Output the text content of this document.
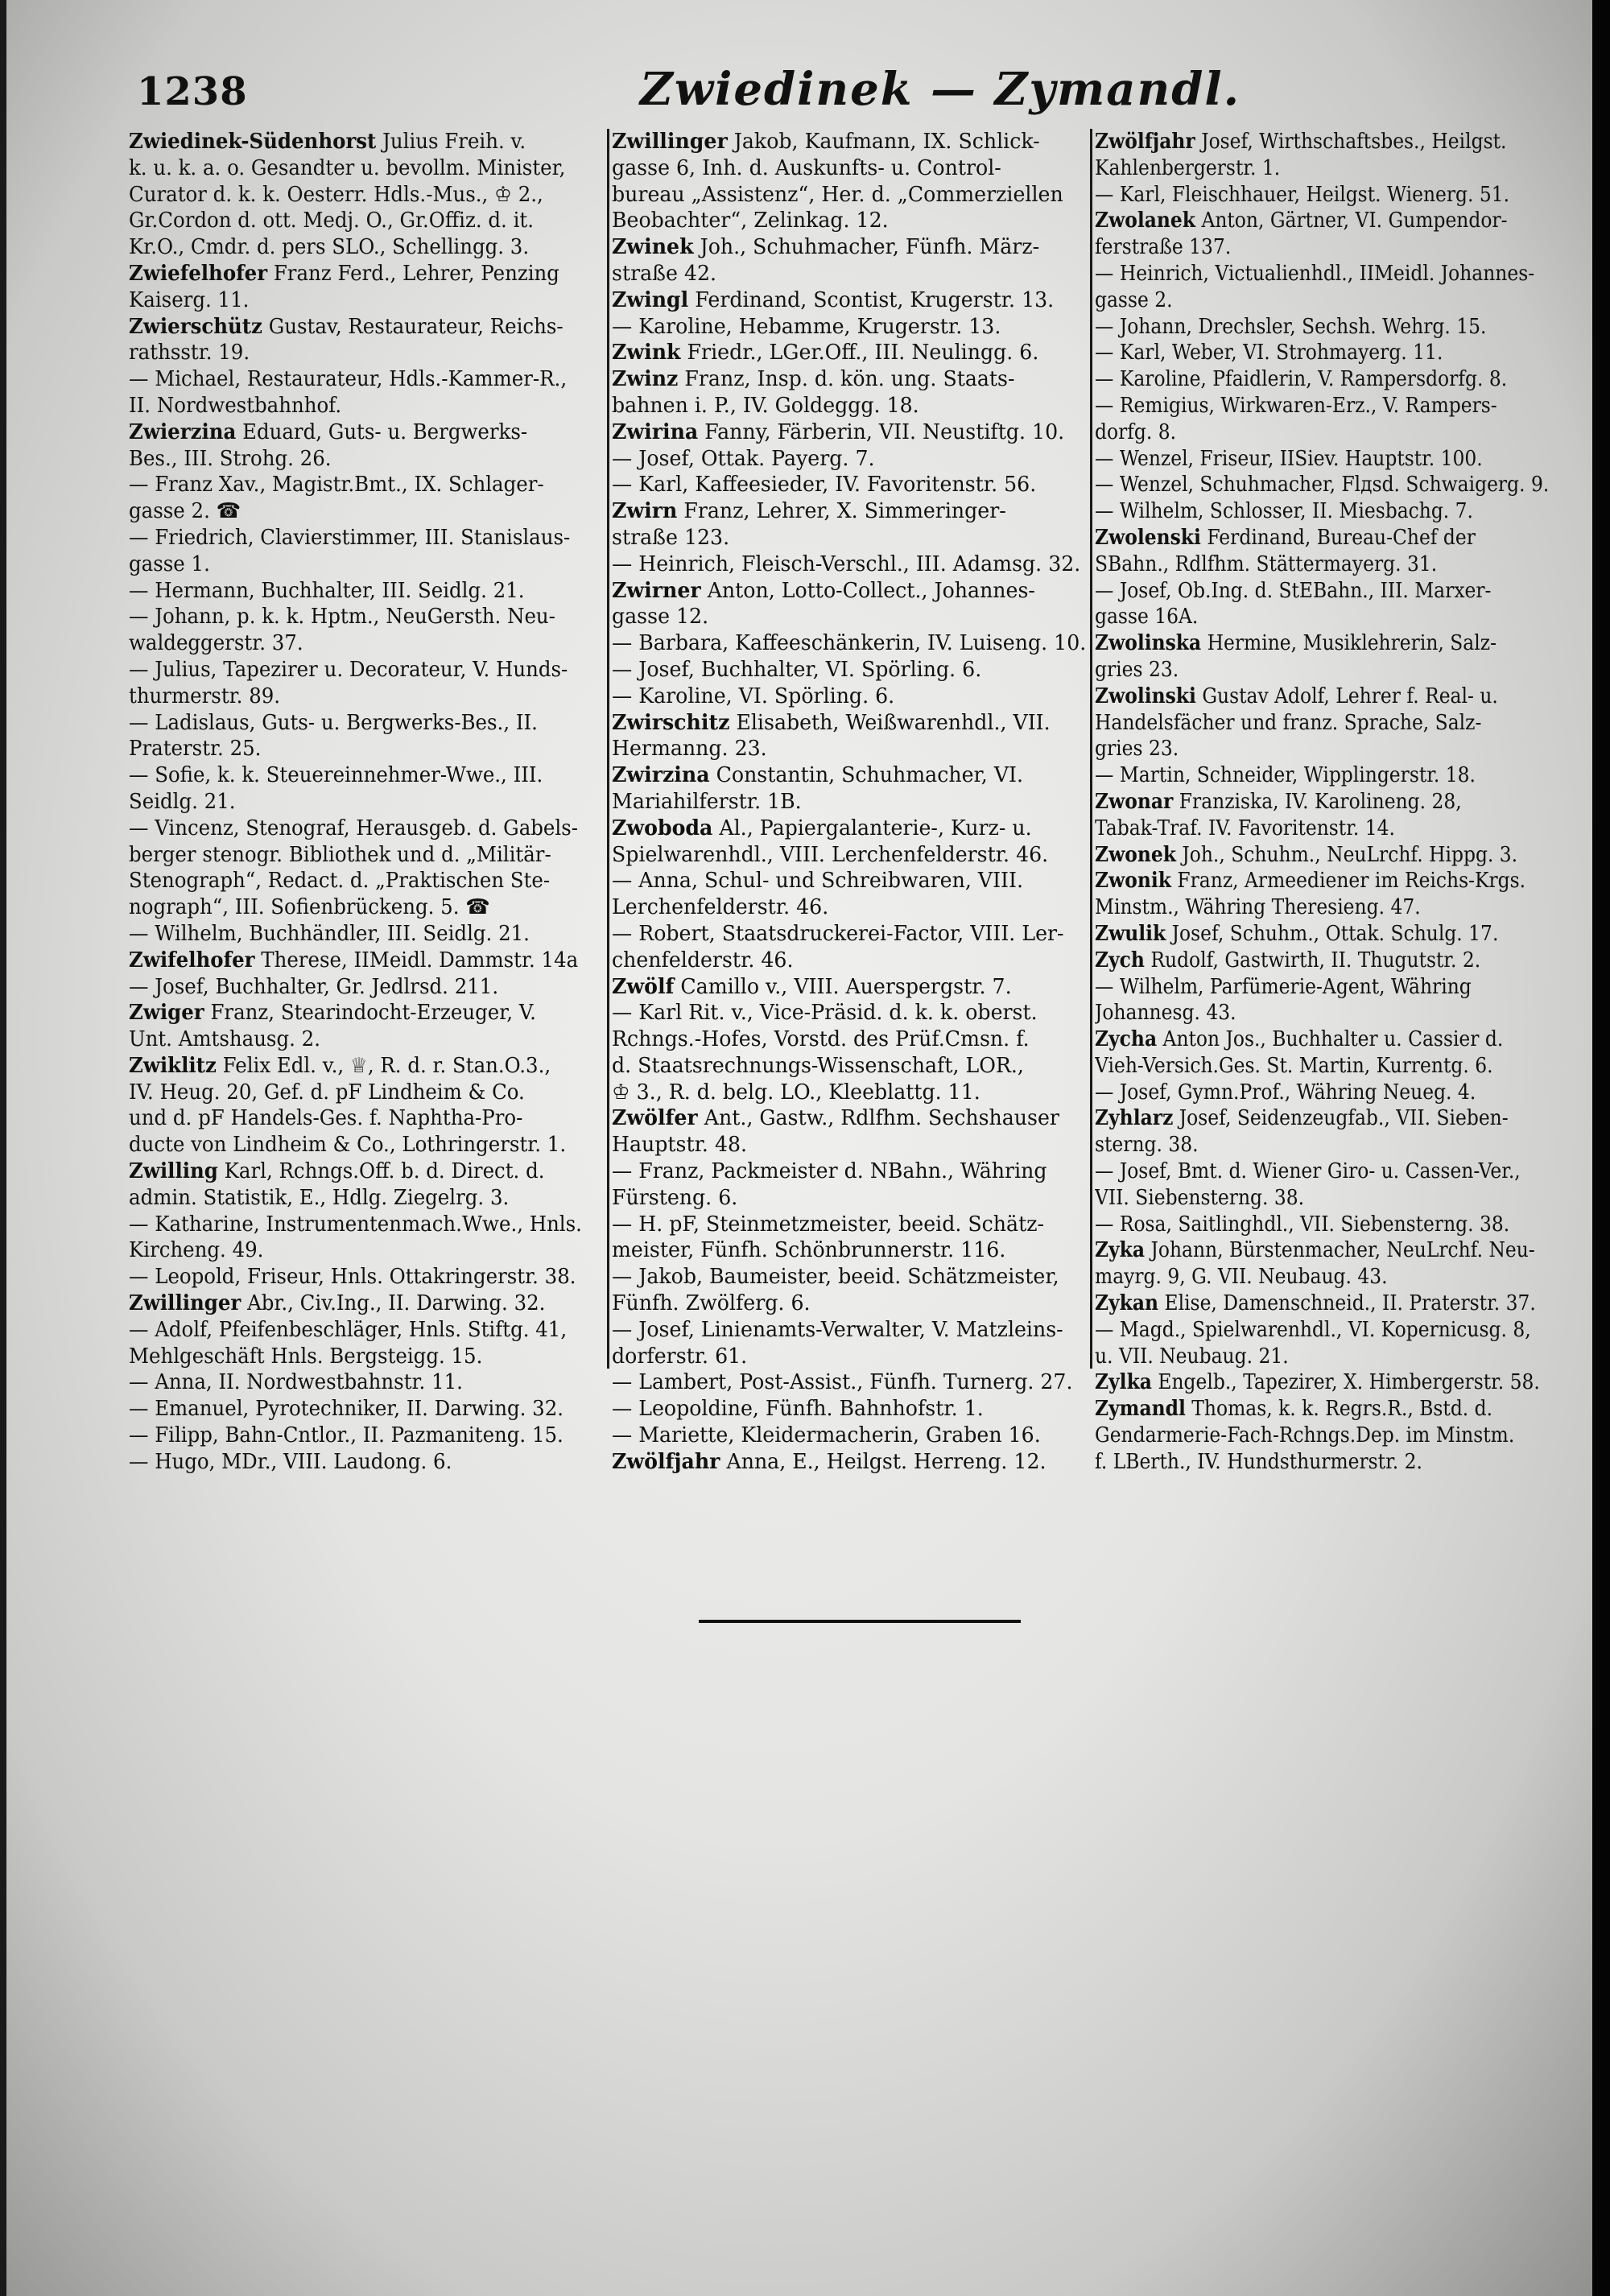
1238	Zwiedinek — Zymandl.
Zwiedinek-Südenhorst Julius Freih. v.
k. u. k. a. o. Gesandter u. bevollm. Minister,
Curator d. k. k. Oesterr. Hdls.-Mus., ♔ 2.,
Gr.Cordon d. ott. Medj. O., Gr.Offiz. d. it.
Kr.O., Cmdr. d. pers SLO., Schellingg. 3.
Zwiefelhofer Franz Ferd., Lehrer, Penzing
Kaiserg. 11.
Zwierschütz Gustav, Restaurateur, Reichs-
rathsstr. 19.
— Michael, Restaurateur, Hdls.-Kammer-R.,
II. Nordwestbahnhof.
Zwierzina Eduard, Guts- u. Bergwerks-
Bes., III. Strohg. 26.
— Franz Xav., Magistr.Bmt., IX. Schlager-
gasse 2. ☎
— Friedrich, Clavierstimmer, III. Stanislaus-
gasse 1.
— Hermann, Buchhalter, III. Seidlg. 21.
— Johann, p. k. k. Hptm., NeuGersth. Neu-
waldeggerstr. 37.
— Julius, Tapezirer u. Decorateur, V. Hunds-
thurmerstr. 89.
— Ladislaus, Guts- u. Bergwerks-Bes., II.
Praterstr. 25.
— Sofie, k. k. Steuereinnehmer-Wwe., III.
Seidlg. 21.
— Vincenz, Stenograf, Herausgeb. d. Gabels-
berger stenogr. Bibliothek und d. „Militär-
Stenograph“, Redact. d. „Praktischen Ste-
nograph“, III. Sofienbrückeng. 5. ☎
— Wilhelm, Buchhändler, III. Seidlg. 21.
Zwifelhofer Therese, IIMeidl. Dammstr. 14a
— Josef, Buchhalter, Gr. Jedlrsd. 211.
Zwiger Franz, Stearindocht-Erzeuger, V.
Unt. Amtshausg. 2.
Zwiklitz Felix Edl. v., ♕, R. d. r. Stan.O.3.,
IV. Heug. 20, Gef. d. pF Lindheim & Co.
und d. pF Handels-Ges. f. Naphtha-Pro-
ducte von Lindheim & Co., Lothringerstr. 1.
Zwilling Karl, Rchngs.Off. b. d. Direct. d.
admin. Statistik, E., Hdlg. Ziegelrg. 3.
— Katharine, Instrumentenmach.Wwe., Hnls.
Kircheng. 49.
— Leopold, Friseur, Hnls. Ottakringerstr. 38.
Zwillinger Abr., Civ.Ing., II. Darwing. 32.
— Adolf, Pfeifenbeschläger, Hnls. Stiftg. 41,
Mehlgeschäft Hnls. Bergsteigg. 15.
— Anna, II. Nordwestbahnstr. 11.
— Emanuel, Pyrotechniker, II. Darwing. 32.
— Filipp, Bahn-Cntlor., II. Pazmaniteng. 15.
— Hugo, MDr., VIII. Laudong. 6.
Zwillinger Jakob, Kaufmann, IX. Schlick-
gasse 6, Inh. d. Auskunfts- u. Control-
bureau „Assistenz“, Her. d. „Commerziellen
Beobachter“, Zelinkag. 12.
Zwinek Joh., Schuhmacher, Fünfh. März-
straße 42.
Zwingl Ferdinand, Scontist, Krugerstr. 13.
— Karoline, Hebamme, Krugerstr. 13.
Zwink Friedr., LGer.Off., III. Neulingg. 6.
Zwinz Franz, Insp. d. kön. ung. Staats-
bahnen i. P., IV. Goldeggg. 18.
Zwirina Fanny, Färberin, VII. Neustiftg. 10.
— Josef, Ottak. Payerg. 7.
— Karl, Kaffeesieder, IV. Favoritenstr. 56.
Zwirn Franz, Lehrer, X. Simmeringer-
straße 123.
— Heinrich, Fleisch-Verschl., III. Adamsg. 32.
Zwirner Anton, Lotto-Collect., Johannes-
gasse 12.
— Barbara, Kaffeeschänkerin, IV. Luiseng. 10.
— Josef, Buchhalter, VI. Spörling. 6.
— Karoline, VI. Spörling. 6.
Zwirschitz Elisabeth, Weißwarenhdl., VII.
Hermanng. 23.
Zwirzina Constantin, Schuhmacher, VI.
Mariahilferstr. 1B.
Zwoboda Al., Papiergalanterie-, Kurz- u.
Spielwarenhdl., VIII. Lerchenfelderstr. 46.
— Anna, Schul- und Schreibwaren, VIII.
Lerchenfelderstr. 46.
— Robert, Staatsdruckerei-Factor, VIII. Ler-
chenfelderstr. 46.
Zwölf Camillo v., VIII. Auerspergstr. 7.
— Karl Rit. v., Vice-Präsid. d. k. k. oberst.
Rchngs.-Hofes, Vorstd. des Prüf.Cmsn. f.
d. Staatsrechnungs-Wissenschaft, LOR.,
♔ 3., R. d. belg. LO., Kleeblattg. 11.
Zwölfer Ant., Gastw., Rdlfhm. Sechshauser
Hauptstr. 48.
— Franz, Packmeister d. NBahn., Währing
Fürsteng. 6.
— H. pF, Steinmetzmeister, beeid. Schätz-
meister, Fünfh. Schönbrunnerstr. 116.
— Jakob, Baumeister, beeid. Schätzmeister,
Fünfh. Zwölferg. 6.
— Josef, Linienamts-Verwalter, V. Matzleins-
dorferstr. 61.
— Lambert, Post-Assist., Fünfh. Turnerg. 27.
— Leopoldine, Fünfh. Bahnhofstr. 1.
— Mariette, Kleidermacherin, Graben 16.
Zwölfjahr Anna, E., Heilgst. Herreng. 12.
Zwölfjahr Josef, Wirthschaftsbes., Heilgst.
Kahlenbergerstr. 1.
— Karl, Fleischhauer, Heilgst. Wienerg. 51.
Zwolanek Anton, Gärtner, VI. Gumpendor-
ferstraße 137.
— Heinrich, Victualienhdl., IIMeidl. Johannes-
gasse 2.
— Johann, Drechsler, Sechsh. Wehrg. 15.
— Karl, Weber, VI. Strohmayerg. 11.
— Karoline, Pfaidlerin, V. Rampersdorfg. 8.
— Remigius, Wirkwaren-Erz., V. Rampers-
dorfg. 8.
— Wenzel, Friseur, IISiev. Hauptstr. 100.
— Wenzel, Schuhmacher, Flдsd. Schwaigerg. 9.
— Wilhelm, Schlosser, II. Miesbachg. 7.
Zwolenski Ferdinand, Bureau-Chef der
SBahn., Rdlfhm. Stättermayerg. 31.
— Josef, Ob.Ing. d. StEBahn., III. Marxer-
gasse 16A.
Zwolinska Hermine, Musiklehrerin, Salz-
gries 23.
Zwolinski Gustav Adolf, Lehrer f. Real- u.
Handelsfächer und franz. Sprache, Salz-
gries 23.
— Martin, Schneider, Wipplingerstr. 18.
Zwonar Franziska, IV. Karolineng. 28,
Tabak-Traf. IV. Favoritenstr. 14.
Zwonek Joh., Schuhm., NeuLrchf. Hippg. 3.
Zwonik Franz, Armeediener im Reichs-Krgs.
Minstm., Währing Theresieng. 47.
Zwulik Josef, Schuhm., Ottak. Schulg. 17.
Zych Rudolf, Gastwirth, II. Thugutstr. 2.
— Wilhelm, Parfümerie-Agent, Währing
Johannesg. 43.
Zycha Anton Jos., Buchhalter u. Cassier d.
Vieh-Versich.Ges. St. Martin, Kurrentg. 6.
— Josef, Gymn.Prof., Währing Neueg. 4.
Zyhlarz Josef, Seidenzeugfab., VII. Sieben-
sterng. 38.
— Josef, Bmt. d. Wiener Giro- u. Cassen-Ver.,
VII. Siebensterng. 38.
— Rosa, Saitlinghdl., VII. Siebensterng. 38.
Zyka Johann, Bürstenmacher, NeuLrchf. Neu-
mayrg. 9, G. VII. Neubaug. 43.
Zykan Elise, Damenschneid., II. Praterstr. 37.
— Magd., Spielwarenhdl., VI. Kopernicusg. 8,
u. VII. Neubaug. 21.
Zylka Engelb., Tapezirer, X. Himbergerstr. 58.
Zymandl Thomas, k. k. Regrs.R., Bstd. d.
Gendarmerie-Fach-Rchngs.Dep. im Minstm.
f. LBerth., IV. Hundsthurmerstr. 2.
